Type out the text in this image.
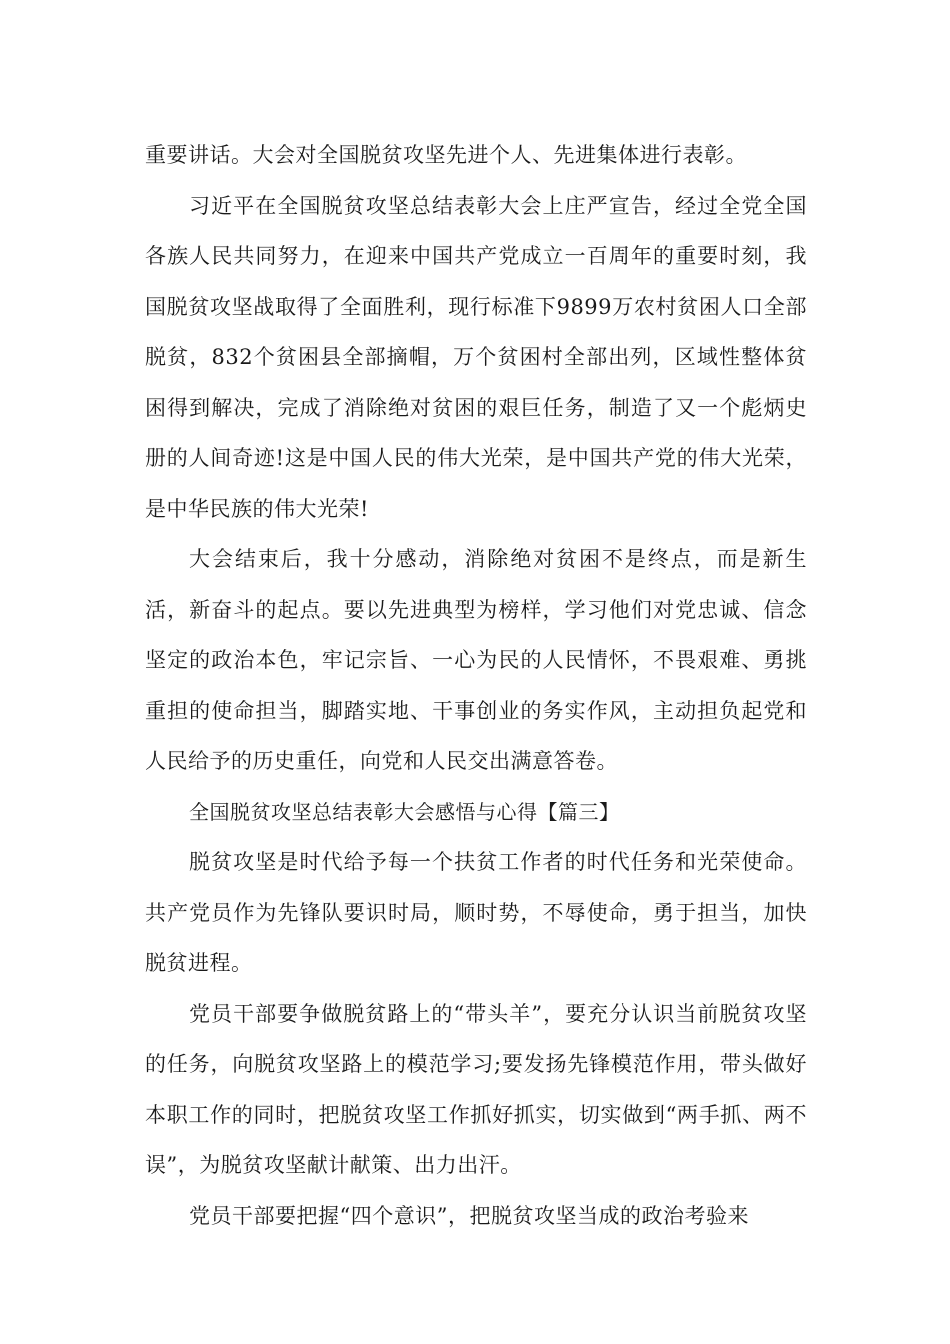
重要讲话。大会对全国脱贫攻坚先进个人、先进集体进行表彰。

习近平在全国脱贫攻坚总结表彰大会上庄严宣告，经过全党全国各族人民共同努力，在迎来中国共产党成立一百周年的重要时刻，我国脱贫攻坚战取得了全面胜利，现行标准下9899万农村贫困人口全部脱贫，832个贫困县全部摘帽，万个贫困村全部出列，区域性整体贫困得到解决，完成了消除绝对贫困的艰巨任务，制造了又一个彪炳史册的人间奇迹!这是中国人民的伟大光荣，是中国共产党的伟大光荣，是中华民族的伟大光荣!

大会结束后，我十分感动，消除绝对贫困不是终点，而是新生活，新奋斗的起点。要以先进典型为榜样，学习他们对党忠诚、信念坚定的政治本色，牢记宗旨、一心为民的人民情怀，不畏艰难、勇挑重担的使命担当，脚踏实地、干事创业的务实作风，主动担负起党和人民给予的历史重任，向党和人民交出满意答卷。

全国脱贫攻坚总结表彰大会感悟与心得【篇三】

脱贫攻坚是时代给予每一个扶贫工作者的时代任务和光荣使命。共产党员作为先锋队要识时局，顺时势，不辱使命，勇于担当，加快脱贫进程。

党员干部要争做脱贫路上的“带头羊”，要充分认识当前脱贫攻坚的任务，向脱贫攻坚路上的模范学习;要发扬先锋模范作用，带头做好本职工作的同时，把脱贫攻坚工作抓好抓实，切实做到“两手抓、两不误”，为脱贫攻坚献计献策、出力出汗。

党员干部要把握“四个意识”，把脱贫攻坚当成的政治考验来
